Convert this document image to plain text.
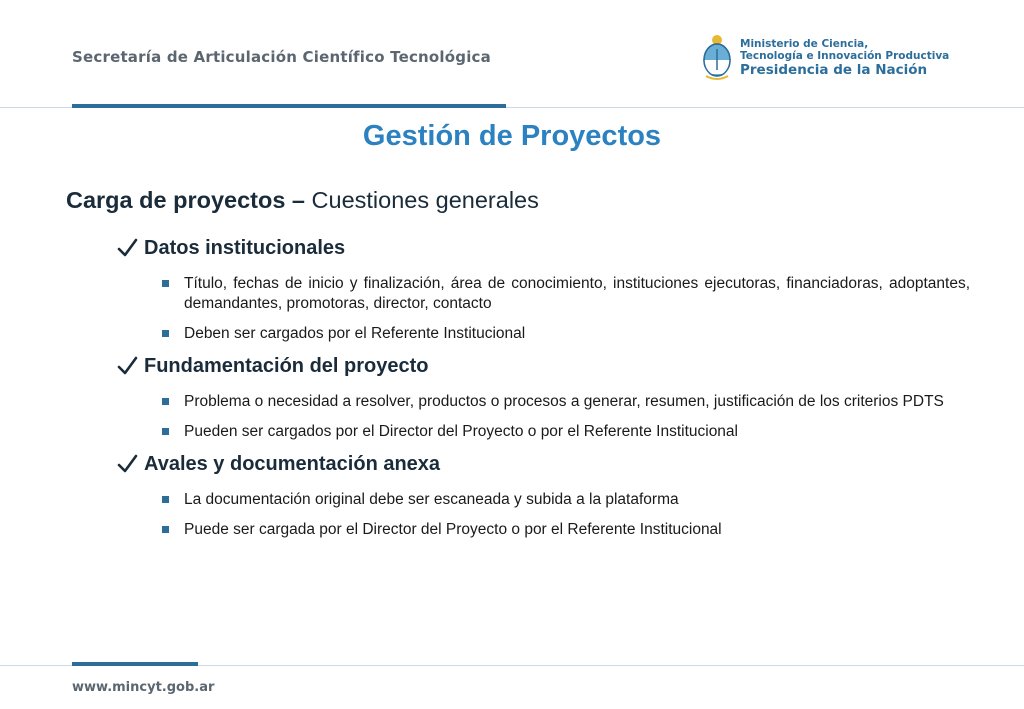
Secretaría de Articulación Científico Tecnológica
Ministerio de Ciencia,
Tecnología e Innovación Productiva
Presidencia de la Nación
Gestión de Proyectos
Carga de proyectos – Cuestiones generales
Datos institucionales
Título, fechas de inicio y finalización, área de conocimiento, instituciones ejecutoras, financiadoras, adoptantes, demandantes, promotoras, director, contacto
Deben ser cargados por el Referente Institucional
Fundamentación del proyecto
Problema o necesidad a resolver, productos o procesos a generar, resumen, justificación de los criterios PDTS
Pueden ser cargados por el Director del Proyecto o por el Referente Institucional
Avales y documentación anexa
La documentación original debe ser escaneada y subida a la plataforma
Puede ser cargada por el Director del Proyecto o por el Referente Institucional
www.mincyt.gob.ar
